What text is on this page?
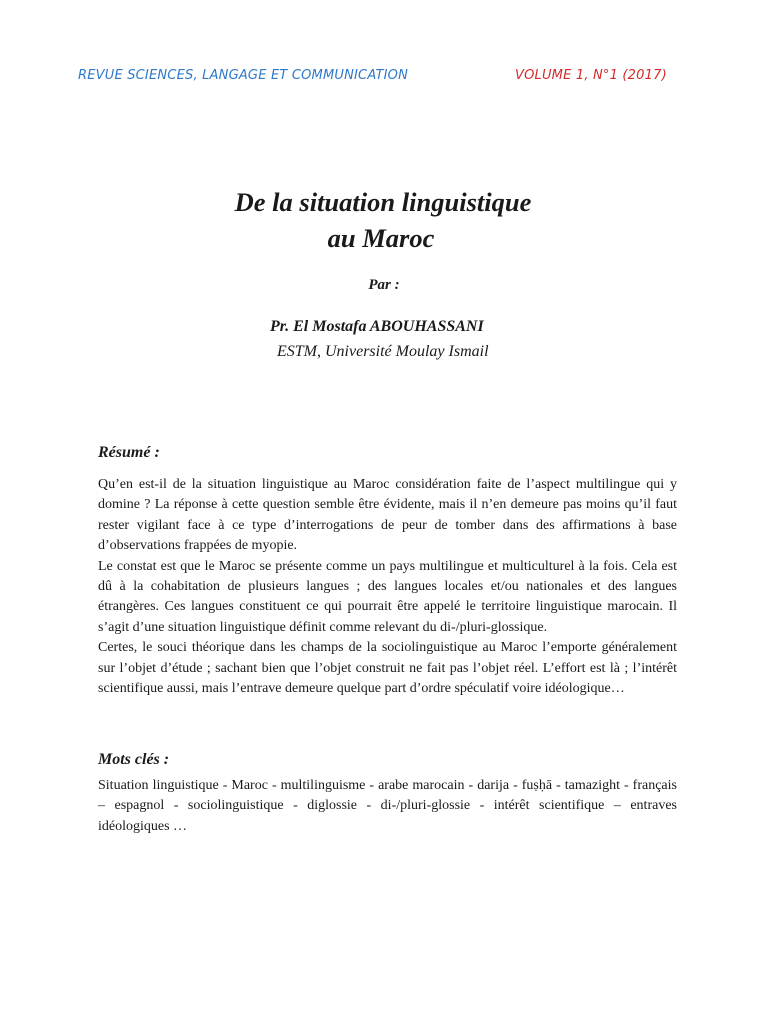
REVUE SCIENCES, LANGAGE ET COMMUNICATION	VOLUME 1, N°1 (2017)
De la situation linguistique
au Maroc
Par :
Pr. El Mostafa ABOUHASSANI
ESTM, Université Moulay Ismail
Résumé :

Qu’en est-il de la situation linguistique au Maroc considération faite de l’aspect multilingue qui y domine ? La réponse à cette question semble être évidente, mais il n’en demeure pas moins qu’il faut rester vigilant face à ce type d’interrogations de peur de tomber dans des affirmations à base d’observations frappées de myopie.

Le constat est que le Maroc se présente comme un pays multilingue et multiculturel à la fois. Cela est dû à la cohabitation de plusieurs langues ; des langues locales et/ou nationales et des langues étrangères. Ces langues constituent ce qui pourrait être appelé le territoire linguistique marocain. Il s’agit d’une situation linguistique définit comme relevant du di-/pluri-glossique.

Certes, le souci théorique dans les champs de la sociolinguistique au Maroc l’emporte généralement sur l’objet d’étude ; sachant bien que l’objet construit ne fait pas l’objet réel. L’effort est là ; l’intérêt scientifique aussi, mais l’entrave demeure quelque part d’ordre spéculatif voire idéologique…

Mots clés :
Situation linguistique - Maroc - multilinguisme - arabe marocain - darija - fuṣḥā - tamazight - français – espagnol - sociolinguistique - diglossie - di-/pluri-glossie - intérêt scientifique – entraves idéologiques …
